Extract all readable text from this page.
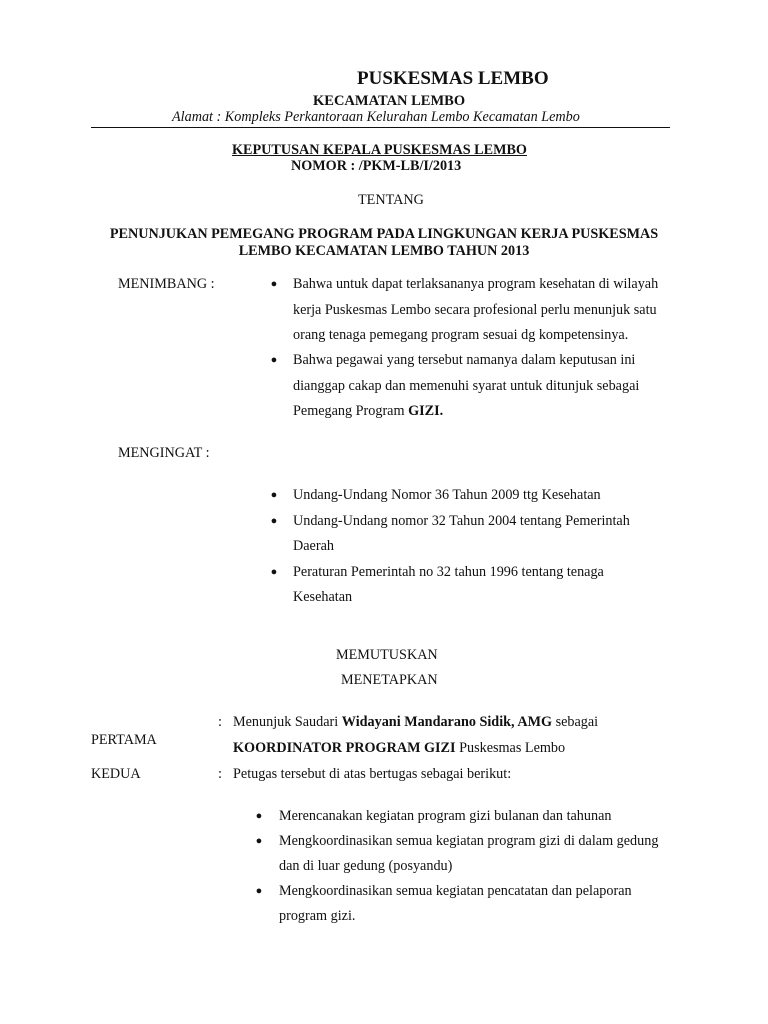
PUSKESMAS LEMBO
KECAMATAN LEMBO
Alamat : Kompleks Perkantoraan Kelurahan Lembo Kecamatan Lembo
KEPUTUSAN KEPALA PUSKESMAS LEMBO
NOMOR : /PKM-LB/I/2013
TENTANG
PENUNJUKAN PEMEGANG PROGRAM PADA LINGKUNGAN KERJA PUSKESMAS
LEMBO KECAMATAN LEMBO TAHUN 2013
MENIMBANG :	● Bahwa untuk dapat terlaksananya program kesehatan di wilayah
kerja Puskesmas Lembo secara profesional perlu menunjuk satu
orang tenaga pemegang program sesuai dg kompetensinya.
● Bahwa pegawai yang tersebut namanya dalam keputusan ini
dianggap cakap dan memenuhi syarat untuk ditunjuk sebagai
Pemegang Program GIZI.
MENGINGAT :
● Undang-Undang Nomor 36 Tahun 2009 ttg Kesehatan
● Undang-Undang nomor 32 Tahun 2004 tentang Pemerintah
Daerah
● Peraturan Pemerintah no 32 tahun 1996 tentang tenaga
Kesehatan
MEMUTUSKAN
MENETAPKAN
PERTAMA
: Menunjuk Saudari Widayani Mandarano Sidik, AMG sebagai
KOORDINATOR PROGRAM GIZI Puskesmas Lembo
KEDUA	: Petugas tersebut di atas bertugas sebagai berikut:
● Merencanakan kegiatan program gizi bulanan dan tahunan
● Mengkoordinasikan semua kegiatan program gizi di dalam gedung
dan di luar gedung (posyandu)
● Mengkoordinasikan semua kegiatan pencatatan dan pelaporan
program gizi.
